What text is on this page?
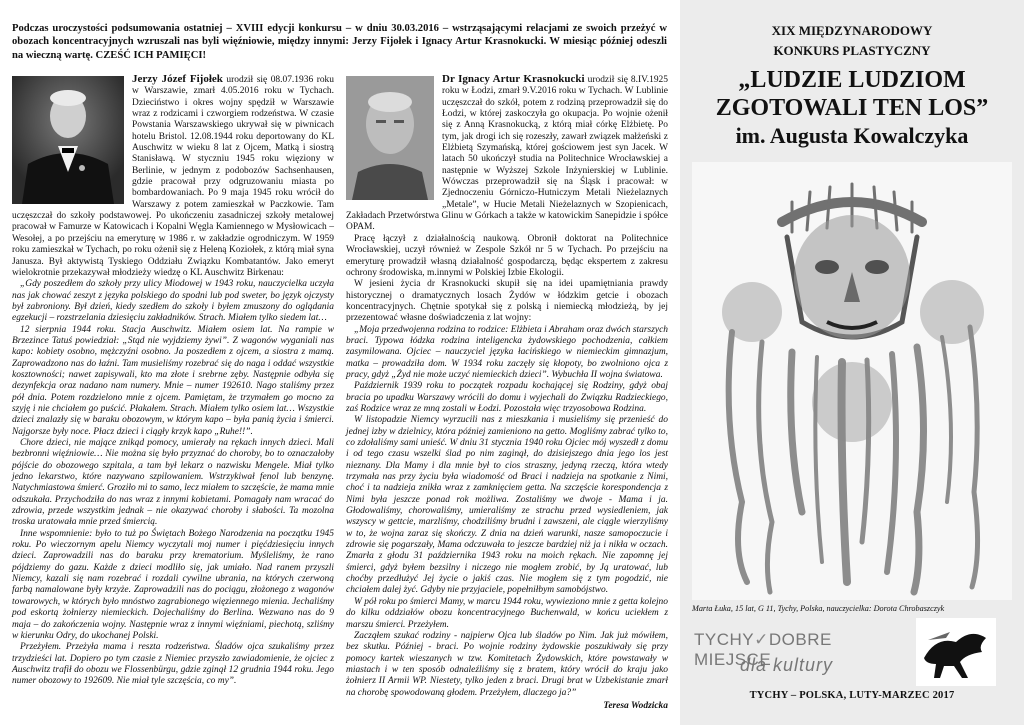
Podczas uroczystości podsumowania ostatniej – XVIII edycji konkursu – w dniu 30.03.2016 – wstrząsającymi relacjami ze swoich przeżyć w obozach koncentracyjnych wzruszali nas byli więźniowie, między innymi: Jerzy Fijołek i Ignacy Artur Krasnokucki. W miesiąc później odeszli na wieczną wartę. CZEŚĆ ICH PAMIĘCI!

Jerzy Józef Fijołek urodził się 08.07.1936 roku w Warszawie, zmarł 4.05.2016 roku w Tychach. Dzieciństwo i okres wojny spędził w Warszawie wraz z rodzicami i czworgiem rodzeństwa. W czasie Powstania Warszawskiego ukrywał się w piwnicach hotelu Bristol. 12.08.1944 roku deportowany do KL Auschwitz w wieku 8 lat z Ojcem, Matką i siostrą Stanisławą. W styczniu 1945 roku więziony w Berlinie, w jednym z podobozów Sachsenhausen, gdzie pracował przy odgruzowaniu miasta po bombardowaniach. Po 9 maja 1945 roku wrócił do Warszawy z potem zamieszkał w Paczkowie. Tam uczęszczał do szkoły podstawowej. Po ukończeniu zasadniczej szkoły metalowej pracował w Famurze w Katowicach i Kopalni Węgla Kamiennego w Mysłowicach – Wesołej, a po przejściu na emeryturę w 1986 r. w zakładzie ogrodniczym. W 1959 roku zamieszkał w Tychach, po roku ożenił się z Heleną Koziołek, z którą miał syna Janusza. Był aktywistą Tyskiego Oddziału Związku Kombatantów. Jako emeryt wielokrotnie przekazywał młodzieży wiedzę o KL Auschwitz Birkenau:

„Gdy poszedłem do szkoły przy ulicy Miodowej w 1943 roku, nauczycielka uczyła nas jak chować zeszyt z języka polskiego do spodni lub pod sweter, bo język ojczysty był zabroniony. Był dzień, kiedy szedłem do szkoły i byłem zmuszony do oglądania egzekucji – rozstrzelania dziesięciu zakładników. Strach. Miałem tylko siedem lat…

12 sierpnia 1944 roku. Stacja Auschwitz. Miałem osiem lat. Na rampie w Brzezince Tatuś powiedział: „Stąd nie wyjdziemy żywi”. Z wagonów wyganiali nas kapo: kobiety osobno, mężczyźni osobno. Ja poszedłem z ojcem, a siostra z mamą. Zaprowadzono nas do łaźni. Tam musieliśmy rozebrać się do naga i oddać wszystkie kosztowności; nawet zapisywali, kto ma złote i srebrne zęby. Następnie odbyła się dezynfekcja oraz nadano nam numery. Mnie – numer 192610. Nago staliśmy przez pół dnia. Potem rozdzielono mnie z ojcem. Pamiętam, że trzymałem go mocno za szyję i nie chciałem go puścić. Płakałem. Strach. Miałem tylko osiem lat… Wszystkie dzieci znalazły się w baraku obozowym, w którym kapo – była panią życia i śmierci. Najgorsze były noce. Płacz dzieci i ciągły krzyk kapo „Ruhe!!”.

Chore dzieci, nie mające znikąd pomocy, umierały na rękach innych dzieci. Mali bezbronni więźniowie… Nie można się było przyznać do choroby, bo to oznaczałoby pójście do obozowego szpitala, a tam był lekarz o nazwisku Mengele. Miał tylko jedno lekarstwo, które nazywano szpilowaniem. Wstrzykiwał fenol lub benzynę. Natychmiastowa śmierć. Groziło mi to samo, lecz miałem to szczęście, że mama mnie odszukała. Przychodziła do nas wraz z innymi kobietami. Pomagały nam wracać do zdrowia, przede wszystkim jednak – nie okazywać choroby i słabości. Ta mozolna troska uratowała mnie przed śmiercią.

Inne wspomnienie: było to tuż po Świętach Bożego Narodzenia na początku 1945 roku. Po wieczornym apelu Niemcy wyczytali moj numer i pięćdziesięciu innych dzieci. Zaprowadzili nas do baraku przy krematorium. Myśleliśmy, że rano pójdziemy do gazu. Każde z dzieci modliło się, jak umiało. Nad ranem przyszli Niemcy, kazali się nam rozebrać i rozdali cywilne ubrania, na których czerwoną farbą namalowane były krzyże. Zaprowadzili nas do pociągu, złożonego z wagonów towarowych, w których było mnóstwo zagrabionego więziennego mienia. Jechaliśmy pod eskortą żołnierzy niemieckich. Dojechaliśmy do Berlina. Wezwano nas do 9 maja – do zakończenia wojny. Następnie wraz z innymi więźniami, piechotą, szliśmy w kierunku Odry, do ukochanej Polski.

Przeżyłem. Przeżyła mama i reszta rodzeństwa. Śladów ojca szukaliśmy przez trzydzieści lat. Dopiero po tym czasie z Niemiec przyszło zawiadomienie, że ojciec z Auschwitz trafił do obozu we Flossenbürgu, gdzie zginął 12 grudnia 1944 roku. Jego numer obozowy to 192609. Nie miał tyle szczęścia, co my”.

Dr Ignacy Artur Krasnokucki urodził się 8.IV.1925 roku w Łodzi, zmarł 9.V.2016 roku w Tychach. W Lublinie uczęszczał do szkół, potem z rodziną przeprowadził się do Łodzi, w której zaskoczyła go okupacja. Po wojnie ożenił się z Anną Krasnokucką, z którą miał córkę Elżbietę. Po tym, jak drogi ich się rozeszły, zawarł związek małżeński z Elżbietą Szymańską, której gościowem jest syn Jacek. W latach 50 ukończył studia na Politechnice Wrocławskiej a następnie w Wyższej Szkole Inżynierskiej w Lublinie. Wówczas przeprowadził się na Śląsk i pracował: w Zjednoczeniu Górniczo-Hutniczym Metali Nieżelaznych „Metale”, w Hucie Metali Nieżelaznych w Szopienicach, Zakładach Przetwórstwa Glinu w Górkach a także w katowickim Sanepidzie i spółce OPAM.

Pracę łączył z działalnością naukową. Obronił doktorat na Politechnice Wrocławskiej, uczył również w Zespole Szkół nr 5 w Tychach. Po przejściu na emeryturę prowadził własną działalność gospodarczą, będąc ekspertem z zakresu ochrony środowiska, m.innymi w Polskiej Izbie Ekologii.

W jesieni życia dr Krasnokucki skupił się na idei upamiętniania prawdy historycznej o dramatycznych losach Żydów w łódzkim getcie i obozach koncentracyjnych. Chętnie spotykał się z polską i niemiecką młodzieżą, by jej przezentować własne doświadczenia z lat wojny:

„Moja przedwojenna rodzina to rodzice: Elżbieta i Abraham oraz dwóch starszych braci. Typowa łódzka rodzina inteligencka żydowskiego pochodzenia, całkiem zasymilowana. Ojciec – nauczyciel języka łacińskiego w niemieckim gimnazjum, matka – prowadziła dom. W 1934 roku zaczęły się kłopoty, bo zwolniono ojca z pracy, gdyż „Żyd nie może uczyć niemieckich dzieci”. Wybuchła II wojna światowa.

Październik 1939 roku to początek rozpadu kochającej się Rodziny, gdyż obaj bracia po upadku Warszawy wrócili do domu i wyjechali do Związku Radzieckiego, zaś Rodzice wraz ze mną zostali w Łodzi. Pozostała więc trzyosobowa Rodzina.

W listopadzie Niemcy wyrzucili nas z mieszkania i musieliśmy się przenieść do jednej izby w dzielnicy, która później zamieniono na getto. Mogliśmy zabrać tylko to, co zdołaliśmy sami unieść. W dniu 31 stycznia 1940 roku Ojciec mój wyszedł z domu i od tego czasu wszelki ślad po nim zaginął, do dzisiejszego dnia jego los jest nieznany. Dla Mamy i dla mnie był to cios straszny, jedyną rzeczą, która wtedy trzymała nas przy życiu była wiadomość od Braci i nadzieja na spotkanie z Nimi, choć i ta nadzieja znikła wraz z zamknięciem getta. Na szczęście korespondencja z Nimi była jeszcze ponad rok możliwa. Zostaliśmy we dwoje - Mama i ja. Głodowaliśmy, chorowaliśmy, umieraliśmy ze strachu przed wysiedleniem, jak wszyscy w gettcie, marzliśmy, chodziliśmy brudni i zawszeni, ale ciągle wierzyliśmy w to, że wojna zaraz się skończy. Z dnia na dzień warunki, nasze samopoczucie i zdrowie się pogarszały, Mama odczuwała to jeszcze bardziej niż ja i nikła w oczach. Zmarła z głodu 31 października 1943 roku na moich rękach. Nie zapomnę jej śmierci, gdyż byłem bezsilny i niczego nie mogłem zrobić, by Ją uratować, lub choćby przedłużyć Jej życie o jakiś czas. Nie mogłem się z tym pogodzić, nie chciałem dalej żyć. Gdyby nie przyjaciele, popełniłbym samobójstwo.

W pół roku po śmierci Mamy, w marcu 1944 roku, wywieziono mnie z getta kolejno do kilku oddziałów obozu koncentracyjnego Buchenwald, w końcu uciekłem z marszu śmierci. Przeżyłem.

Zacząłem szukać rodziny - najpierw Ojca lub śladów po Nim. Jak już mówiłem, bez skutku. Później - braci. Po wojnie rodziny żydowskie poszukiwały się przy pomocy kartek wieszanych w tzw. Komitetach Żydowskich, które powstawały w miastach i w ten sposób odnaleźliśmy się z bratem, który wrócił do kraju jako żołnierz II Armii WP. Niestety, tylko jeden z braci. Drugi brat w Uzbekistanie zmarł na chorobę spowodowaną głodem. Przeżyłem, dlaczego ja?”

Teresa Wodzicka
XIX MIĘDZYNARODOWY
KONKURS PLASTYCZNY
„LUDZIE LUDZIOM
ZGOTOWALI TEN LOS”
im. Augusta Kowalczyka
Marta Łuka, 15 lat, G 11, Tychy, Polska, nauczycielka: Dorota Chrobaszczyk
TYCHY✓DOBRE MIEJSCE
dla kultury
TYCHY – POLSKA, LUTY-MARZEC 2017
